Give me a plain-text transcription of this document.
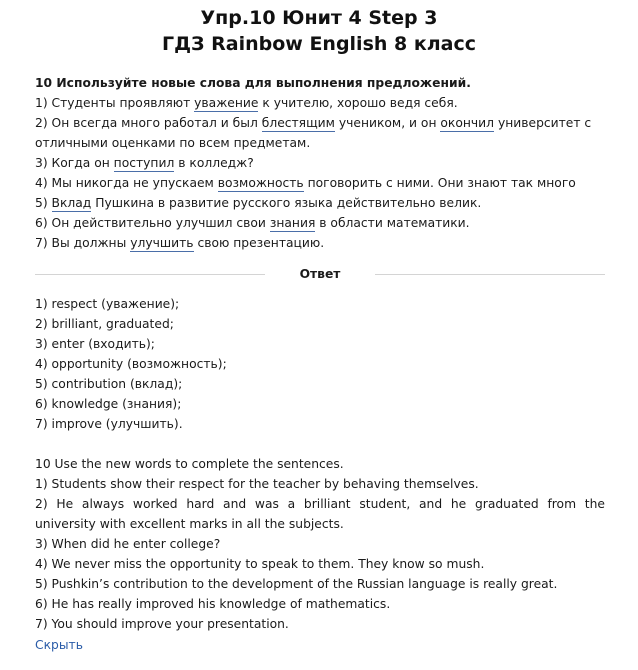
Упр.10 Юнит 4 Step 3
ГДЗ Rainbow English 8 класс
10 Используйте новые слова для выполнения предложений.
1) Студенты проявляют уважение к учителю, хорошо ведя себя.
2) Он всегда много работал и был блестящим учеником, и он окончил университет с
отличными оценками по всем предметам.
3) Когда он поступил в колледж?
4) Мы никогда не упускаем возможность поговорить с ними. Они знают так много
5) Вклад Пушкина в развитие русского языка действительно велик.
6) Он действительно улучшил свои знания в области математики.
7) Вы должны улучшить свою презентацию.
Ответ
1) respect (уважение);
2) brilliant, graduated;
3) enter (входить);
4) opportunity (возможность);
5) contribution (вклад);
6) knowledge (знания);
7) improve (улучшить).
10 Use the new words to complete the sentences.
1) Students show their respect for the teacher by behaving themselves.
2) He always worked hard and was a brilliant student, and he graduated from the
university with excellent marks in all the subjects.
3) When did he enter college?
4) We never miss the opportunity to speak to them. They know so mush.
5) Pushkin’s contribution to the development of the Russian language is really great.
6) He has really improved his knowledge of mathematics.
7) You should improve your presentation.
Скрыть
